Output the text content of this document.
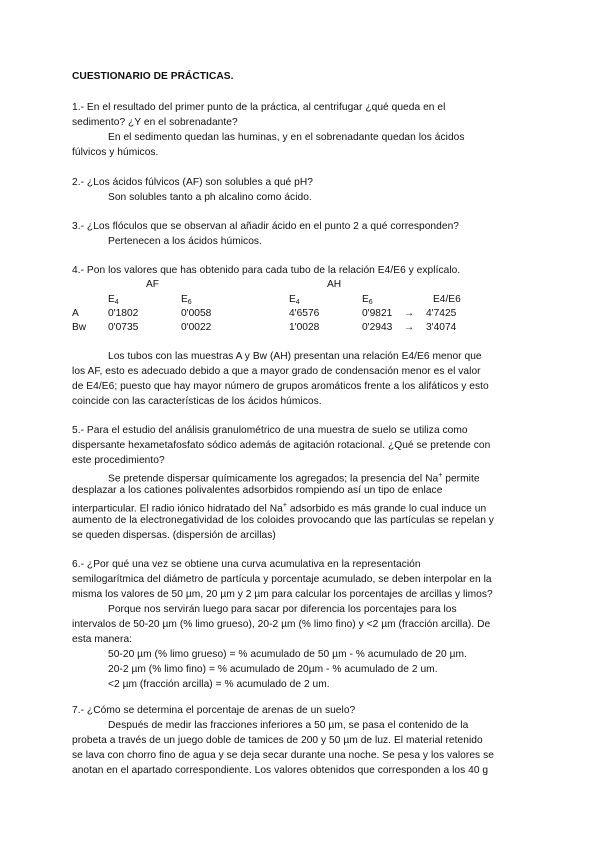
CUESTIONARIO DE PRÁCTICAS.
1.- En el resultado del primer punto de la práctica, al centrifugar ¿qué queda en el
sedimento? ¿Y en el sobrenadante?
En el sedimento quedan las huminas, y en el sobrenadante quedan los ácidos
fúlvicos y húmicos.
2.- ¿Los ácidos fúlvicos (AF) son solubles a qué pH?
Son solubles tanto a ph alcalino como ácido.
3.- ¿Los flóculos que se observan al añadir ácido en el punto 2 a qué corresponden?
Pertenecen a los ácidos húmicos.
4.- Pon los valores que has obtenido para cada tubo de la relación E4/E6 y explícalo.
AF	AH
$E_4$	$E_6$	$E_4$	$E_6$	E4/E6
A	0'1802	0'0058	4'6576	0'9821 → 4'7425
Bw 0'0735	0'0022	1'0028	0'2943 → 3'4074
Los tubos con las muestras A y Bw (AH) presentan una relación E4/E6 menor que
los AF, esto es adecuado debido a que a mayor grado de condensación menor es el valor
de E4/E6; puesto que hay mayor número de grupos aromáticos frente a los alifáticos y esto
coincide con las características de los ácidos húmicos.
5.- Para el estudio del análisis granulométrico de una muestra de suelo se utiliza como
dispersante hexametafosfato sódico además de agitación rotacional. ¿Qué se pretende con
este procedimiento?
Se pretende dispersar químicamente los agregados; la presencia del Na+ permite
desplazar a los cationes polivalentes adsorbidos rompiendo así un tipo de enlace
interparticular. El radio iónico hidratado del Na+ adsorbido es más grande lo cual induce un
aumento de la electronegatividad de los coloides provocando que las partículas se repelan y
se queden dispersas. (dispersión de arcillas)
6.- ¿Por qué una vez se obtiene una curva acumulativa en la representación
semilogarítmica del diámetro de partícula y porcentaje acumulado, se deben interpolar en la
misma los valores de 50 µm, 20 µm y 2 µm para calcular los porcentajes de arcillas y limos?
Porque nos servirán luego para sacar por diferencia los porcentajes para los
intervalos de 50-20 µm (% limo grueso), 20-2 µm (% limo fino) y <2 µm (fracción arcilla). De
esta manera:
50-20 µm (% limo grueso) = % acumulado de 50 µm - % acumulado de 20 µm.
20-2 µm (% limo fino) = % acumulado de 20µm - % acumulado de 2 um.
<2 µm (fracción arcilla) = % acumulado de 2 um.
7.- ¿Cómo se determina el porcentaje de arenas de un suelo?
Después de medir las fracciones inferiores a 50 µm, se pasa el contenido de la
probeta a través de un juego doble de tamices de 200 y 50 µm de luz. El material retenido
se lava con chorro fino de agua y se deja secar durante una noche. Se pesa y los valores se
anotan en el apartado correspondiente. Los valores obtenidos que corresponden a los 40 g
